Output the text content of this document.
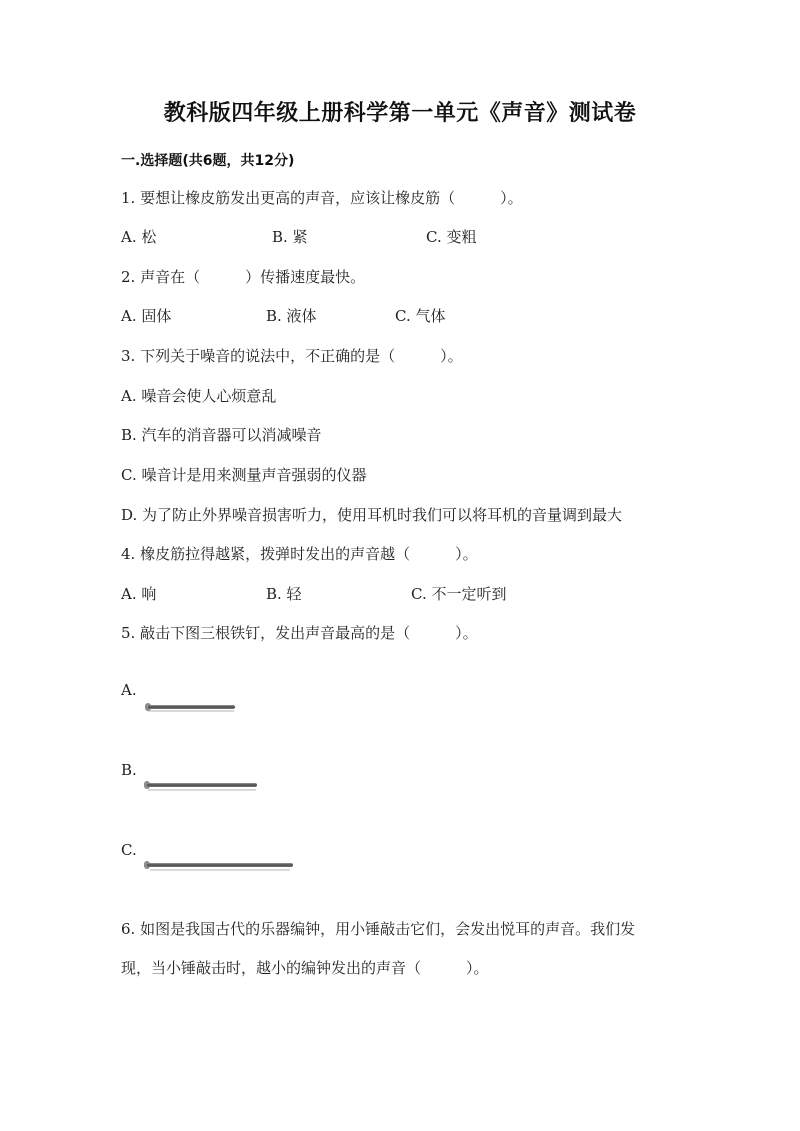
教科版四年级上册科学第一单元《声音》测试卷
一.选择题(共6题，共12分)
1. 要想让橡皮筋发出更高的声音，应该让橡皮筋（　　　）。
A. 松	B. 紧	C. 变粗
2. 声音在（　　　）传播速度最快。
A. 固体	B. 液体	C. 气体
3. 下列关于噪音的说法中，不正确的是（　　　）。
A. 噪音会使人心烦意乱
B. 汽车的消音器可以消减噪音
C. 噪音计是用来测量声音强弱的仪器
D. 为了防止外界噪音损害听力，使用耳机时我们可以将耳机的音量调到最大
4. 橡皮筋拉得越紧，拨弹时发出的声音越（　　　）。
A. 响	B. 轻	C. 不一定听到
5. 敲击下图三根铁钉，发出声音最高的是（　　　）。
A.
B.
C.
6. 如图是我国古代的乐器编钟，用小锤敲击它们，会发出悦耳的声音。我们发
现，当小锤敲击时，越小的编钟发出的声音（　　　）。
